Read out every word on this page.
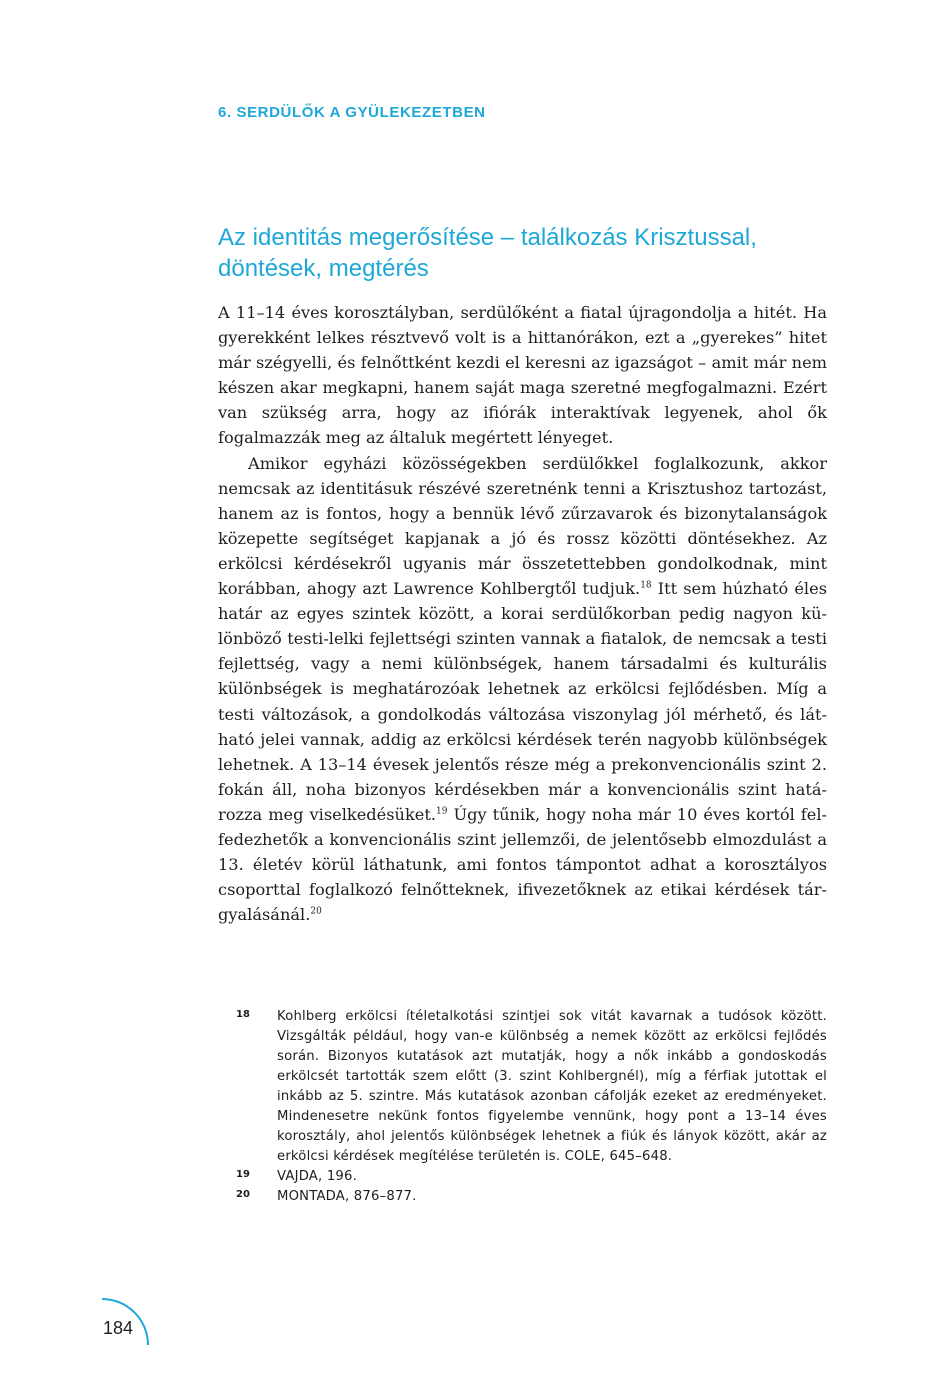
6. SERDÜLŐK A GYÜLEKEZETBEN
Az identitás megerősítése – találkozás Krisztussal,
döntések, megtérés

A 11–14 éves korosztályban, serdülőként a fiatal újragondolja a hitét. Ha gyerekként lelkes résztvevő volt is a hittanórákon, ezt a „gyerekes” hitet már szégyelli, és felnőttként kezdi el keresni az igazságot – amit már nem készen akar megkapni, hanem saját maga szeretné megfogalmazni. Ezért van szükség arra, hogy az ifiórák interaktívak legyenek, ahol ők fogalmazzák meg az általuk megértett lényeget.

Amikor egyházi közösségekben serdülőkkel foglalkozunk, akkor nemcsak az identitásuk részévé szeretnénk tenni a Krisztushoz tartozást, hanem az is fontos, hogy a bennük lévő zűrzavarok és bizonytalanságok közepette segítséget kapjanak a jó és rossz közötti döntésekhez. Az erkölcsi kérdésekről ugyanis már összetettebben gondolkodnak, mint korábban, ahogy azt Lawrence Kohlbergtől tudjuk.$^{18}$ Itt sem húzható éles határ az egyes szintek között, a korai serdülőkorban pedig nagyon különböző testi-lelki fejlettségi szinten vannak a fiatalok, de nemcsak a testi fejlettség, vagy a nemi különbségek, hanem társadalmi és kulturális különbségek is meghatározóak lehetnek az erkölcsi fejlődésben. Míg a testi változások, a gondolkodás változása viszonylag jól mérhető, és látható jelei vannak, addig az erkölcsi kérdések terén nagyobb különbségek lehetnek. A 13–14 évesek jelentős része még a prekonvencionális szint 2. fokán áll, noha bizonyos kérdésekben már a konvencionális szint határozza meg viselkedésüket.$^{19}$ Úgy tűnik, hogy noha már 10 éves kortól felfedezhetők a konvencionális szint jellemzői, de jelentősebb elmozdulást a 13. életév körül láthatunk, ami fontos támpontot adhat a korosztályos csoporttal foglalkozó felnőtteknek, ifivezetőknek az etikai kérdések tárgyalásánál.$^{20}$

18	Kohlberg erkölcsi ítéletalkotási szintjei sok vitát kavarnak a tudósok között. Vizsgálták például, hogy van-e különbség a nemek között az erkölcsi fejlődés során. Bizonyos kutatások azt mutatják, hogy a nők inkább a gondoskodás erkölcsét tartották szem előtt (3. szint Kohlbergnél), míg a férfiak jutottak el inkább az 5. szintre. Más kutatások azonban cáfolják ezeket az eredményeket. Mindenesetre nekünk fontos figyelembe vennünk, hogy pont a 13–14 éves korosztály, ahol jelentős különbségek lehetnek a fiúk és lányok között, akár az erkölcsi kérdések megítélése területén is. COLE, 645–648.
19	VAJDA, 196.
20	MONTADA, 876–877.
184
